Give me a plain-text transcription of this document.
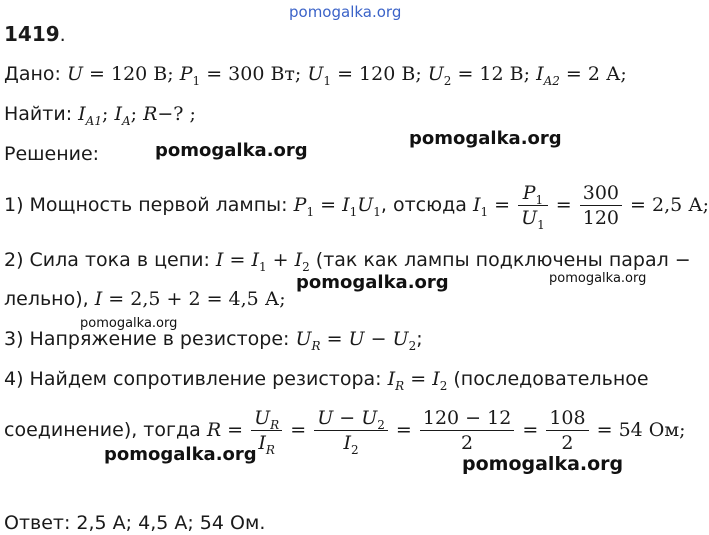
pomogalka.org
pomogalka.org
pomogalka.org
pomogalka.org	pomogalka.org
pomogalka.org
pomogalka.org	pomogalka.org
1419.
Дано: U = 120 В; $P_1 = 300$ Вт; $U_1 = 120$ В; $U_2 = 12$ В; $I_{A2} = 2$ А;
Найти: $I_{A1}$; $I_A$; R−? ;
Решение:
1) Мощность первой лампы: $P_1 = I_1U_1$, отсюда $I_1 = \frac{P_1}{U_1} = \frac{300}{120} = 2,5$ А;
2) Сила тока в цепи: $I = I_1 + I_2$ (так как лампы подключены парал −
лельно), I = 2,5 + 2 = 4,5 А;
3) Напряжение в резисторе: $U_R = U - U_2$;
4) Найдем сопротивление резистора: $I_R = I_2$ (последовательное
соединение), тогда $R = \frac{U_R}{I_R} = \frac{U - U_2}{I_2} = \frac{120 - 12}{2} = \frac{108}{2} = 54$ Ом;
Ответ: 2,5 А; 4,5 А; 54 Ом.
